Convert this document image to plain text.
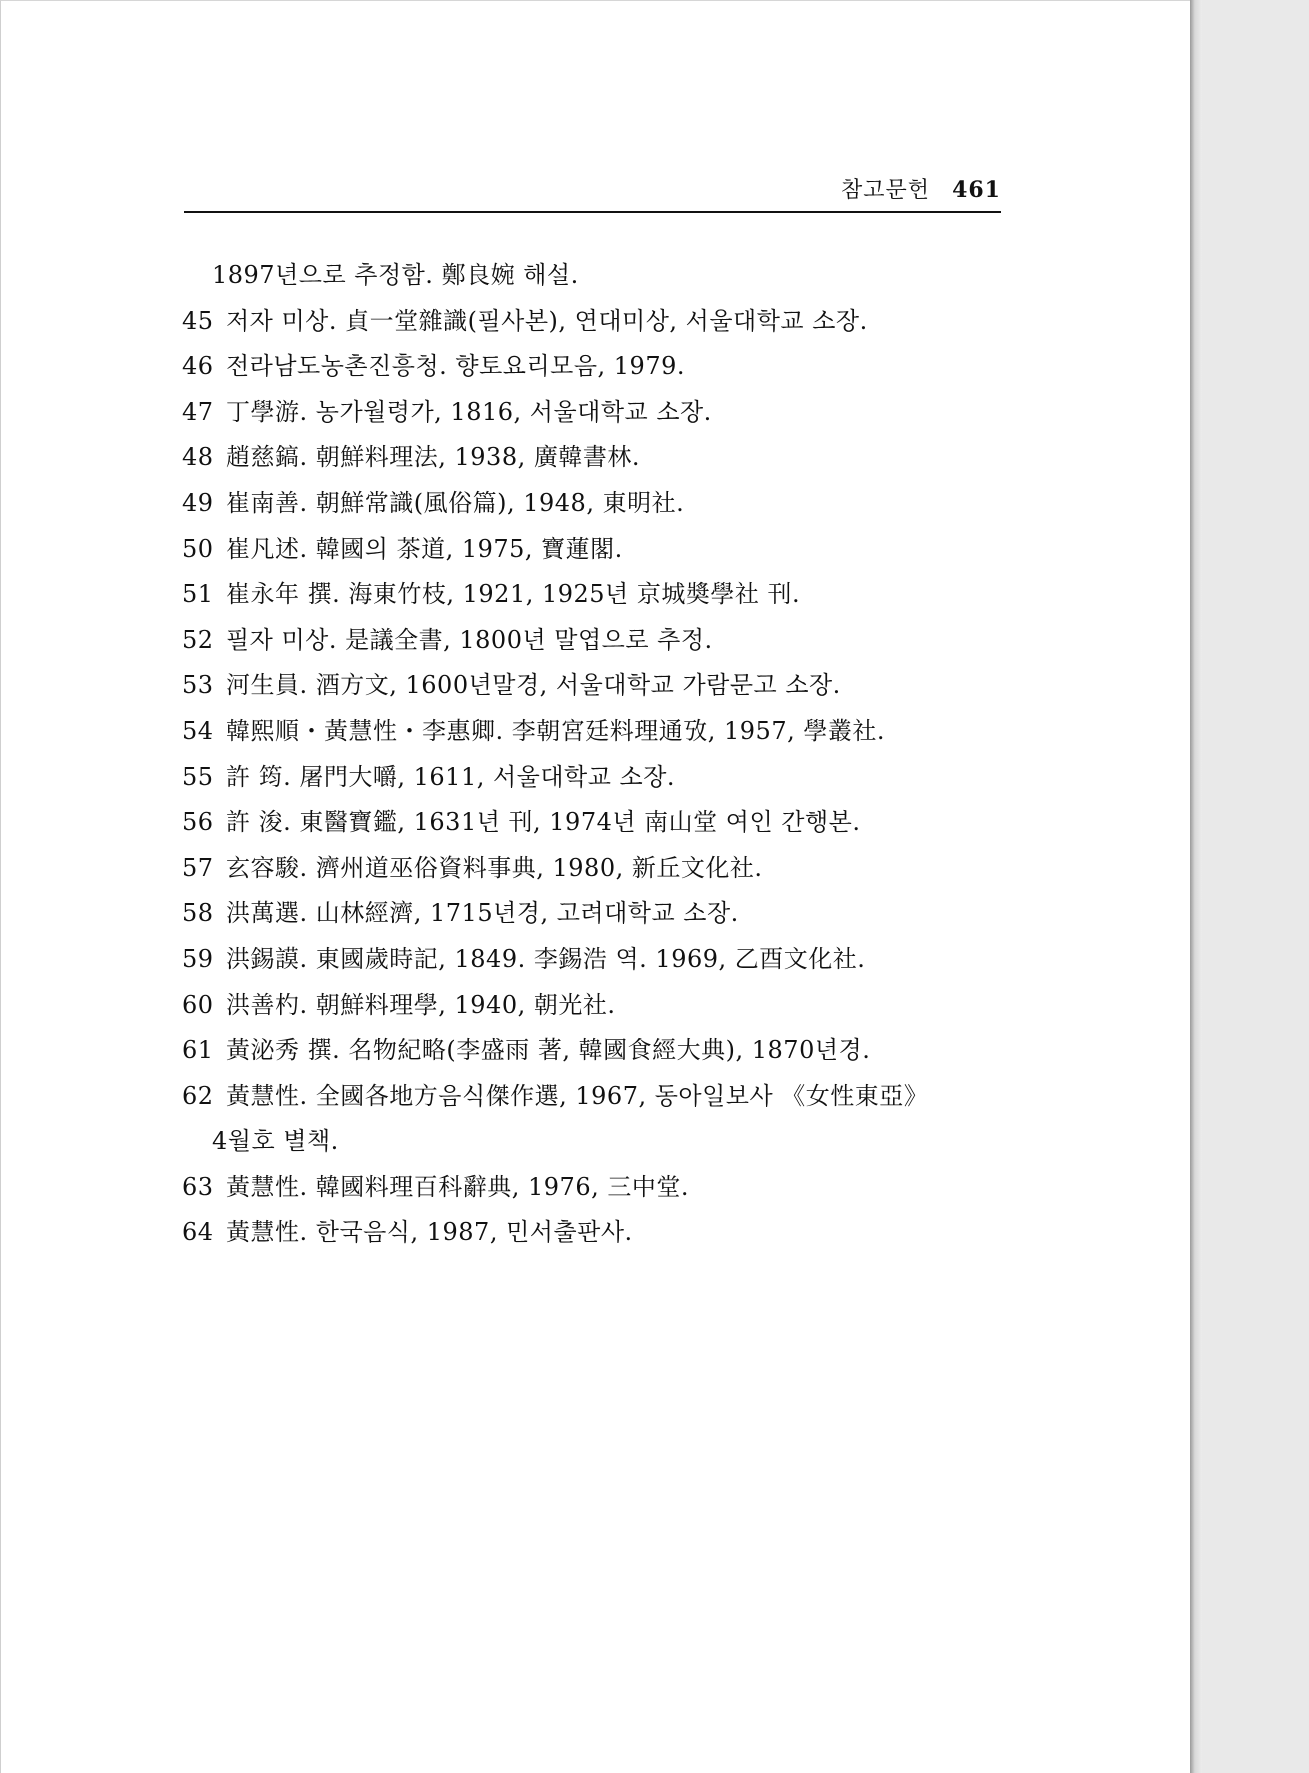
참고문헌 461
1897년으로 추정함. 鄭良婉 해설.
45 저자 미상. 貞一堂雜識(필사본), 연대미상, 서울대학교 소장.
46 전라남도농촌진흥청. 향토요리모음, 1979.
47 丁學游. 농가월령가, 1816, 서울대학교 소장.
48 趙慈鎬. 朝鮮料理法, 1938, 廣韓書林.
49 崔南善. 朝鮮常識(風俗篇), 1948, 東明社.
50 崔凡述. 韓國의 茶道, 1975, 寶蓮閣.
51 崔永年 撰. 海東竹枝, 1921, 1925년 京城奬學社 刊.
52 필자 미상. 是議全書, 1800년 말엽으로 추정.
53 河生員. 酒方文, 1600년말경, 서울대학교 가람문고 소장.
54 韓熙順・黃慧性・李惠卿. 李朝宮廷料理通攷, 1957, 學叢社.
55 許 筠. 屠門大嚼, 1611, 서울대학교 소장.
56 許 浚. 東醫寶鑑, 1631년 刊, 1974년 南山堂 여인 간행본.
57 玄容駿. 濟州道巫俗資料事典, 1980, 新丘文化社.
58 洪萬選. 山林經濟, 1715년경, 고려대학교 소장.
59 洪錫謨. 東國歲時記, 1849. 李錫浩 역. 1969, 乙酉文化社.
60 洪善杓. 朝鮮料理學, 1940, 朝光社.
61 黃泌秀 撰. 名物紀略(李盛雨 著, 韓國食經大典), 1870년경.
62 黃慧性. 全國各地方음식傑作選, 1967, 동아일보사 《女性東亞》
4월호 별책.
63 黃慧性. 韓國料理百科辭典, 1976, 三中堂.
64 黃慧性. 한국음식, 1987, 민서출판사.
